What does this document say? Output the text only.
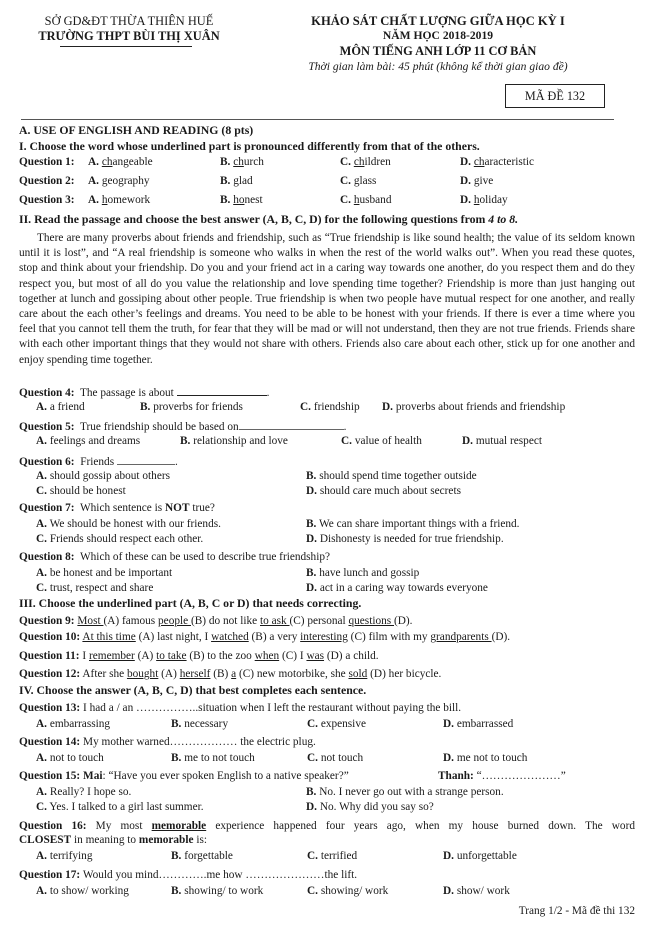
SỞ GD&ĐT THỪA THIÊN HUẾ
TRƯỜNG THPT BÙI THỊ XUÂN
KHẢO SÁT CHẤT LƯỢNG GIỮA HỌC KỲ I
NĂM HỌC 2018-2019
MÔN TIẾNG ANH LỚP 11 CƠ BẢN
Thời gian làm bài: 45 phút (không kể thời gian giao đề)
MÃ ĐỀ 132
A. USE OF ENGLISH AND READING (8 pts)
I. Choose the word whose underlined part is pronounced differently from that of the others.
Question 1: A. changeable	B. church	C. children	D. characteristic
Question 2: A. geography	B. glad	C. glass	D. give
Question 3: A. homework	B. honest	C. husband	D. holiday
II. Read the passage and choose the best answer (A, B, C, D) for the following questions from 4 to 8.
There are many proverbs about friends and friendship, such as “True friendship is like sound health; the value of its seldom known until it is lost”, and “A real friendship is someone who walks in when the rest of the world walks out”. When you read these quotes, stop and think about your friendship. Do you and your friend act in a caring way towards one another, do you respect them and do they respect you, but most of all do you value the relationship and love spending time together? Friendship is more than just hanging out together at lunch and gossiping about other people. True friendship is when two people have mutual respect for one another, and really care about the each other’s feelings and dreams. You need to be able to be honest with your friends. If there is ever a time where you feel that you cannot tell them the truth, for fear that they will be mad or will not understand, then they are not true friends. Friends share with each other important things that they would not share with others. Friends also care about each other, stick up for one another and enjoy spending time together.
Question 4: The passage is about	.
A. a friend	B. proverbs for friends	C. friendship D. proverbs about friends and friendship
Question 5: True friendship should be based on	.
A. feelings and dreams	B. relationship and love	C. value of health	D. mutual respect
Question 6: Friends	.
A. should gossip about others	B. should spend time together outside
C. should be honest	D. should care much about secrets
Question 7: Which sentence is NOT true?
A. We should be honest with our friends.	B. We can share important things with a friend.
C. Friends should respect each other.	D. Dishonesty is needed for true friendship.
Question 8: Which of these can be used to describe true friendship?
A. be honest and be important	B. have lunch and gossip
C. trust, respect and share	D. act in a caring way towards everyone
III. Choose the underlined part (A, B, C or D) that needs correcting.
Question 9: Most (A) famous people (B) do not like to ask (C) personal questions (D).
Question 10: At this time (A) last night, I watched (B) a very interesting (C) film with my grandparents (D).
Question 11: I remember (A) to take (B) to the zoo when (C) I was (D) a child.
Question 12: After she bought (A) herself (B) a (C) new motorbike, she sold (D) her bicycle.
IV. Choose the answer (A, B, C, D) that best completes each sentence.
Question 13: I had a / an ……………..situation when I left the restaurant without paying the bill.
A. embarrassing	B. necessary	C. expensive	D. embarrassed
Question 14: My mother warned……………… the electric plug.
A. not to touch	B. me to not touch	C. not touch	D. me not to touch
Question 15: Mai: “Have you ever spoken English to a native speaker?”	Thanh: “…………………”
A. Really? I hope so.	B. No. I never go out with a strange person.
C. Yes. I talked to a girl last summer.	D. No. Why did you say so?
Question 16: My most memorable experience happened four years ago, when my house burned down. The word
CLOSEST in meaning to memorable is:
A. terrifying	B. forgettable	C. terrified	D. unforgettable
Question 17: Would you mind………….me how …………………the lift.
A. to show/ working	B. showing/ to work	C. showing/ work	D. show/ work
Trang 1/2 - Mã đề thi 132
